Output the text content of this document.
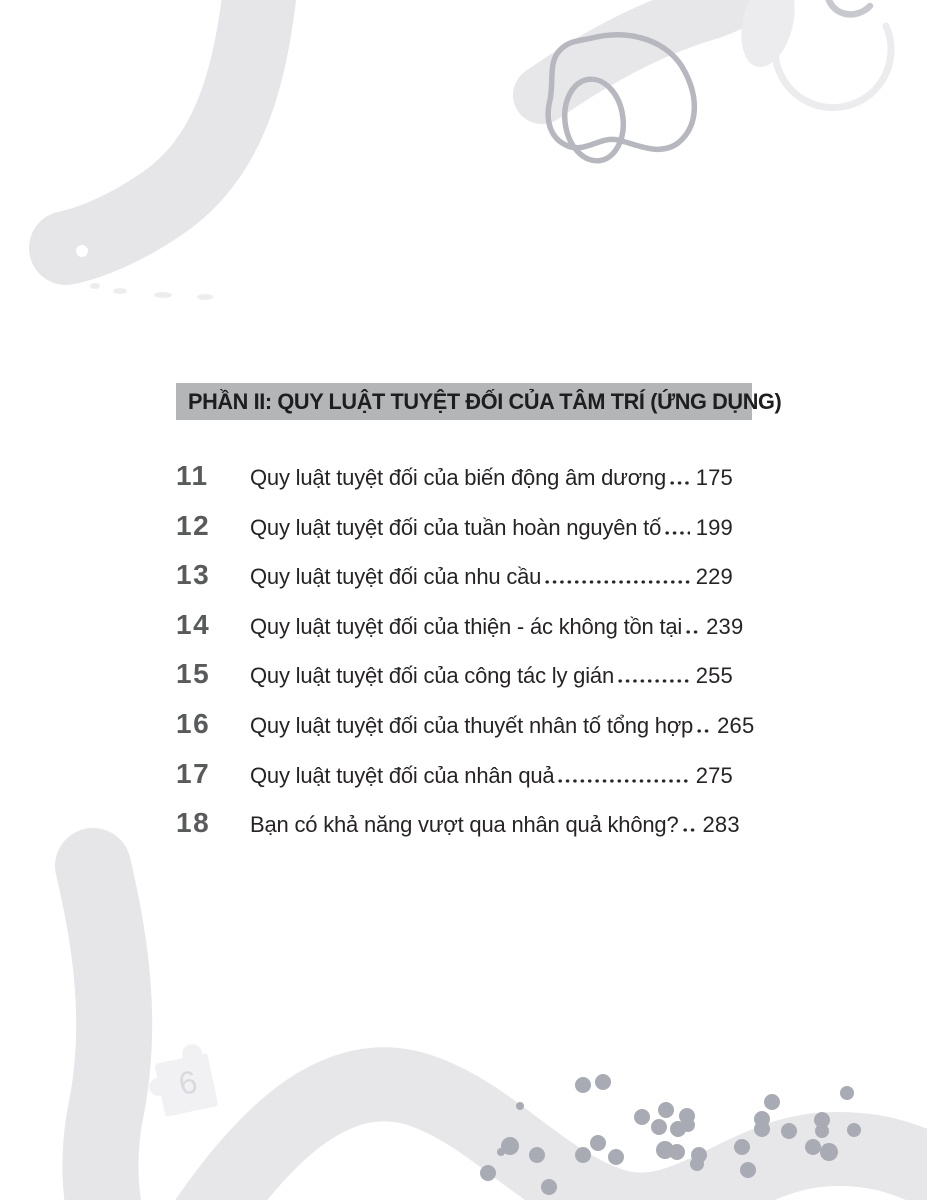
6
PHẦN II: QUY LUẬT TUYỆT ĐỐI CỦA TÂM TRÍ (ỨNG DỤNG)
11	Quy luật tuyệt đối của biến động âm dương 175
12	Quy luật tuyệt đối của tuần hoàn nguyên tố 199
13	Quy luật tuyệt đối của nhu cầu	229
14	Quy luật tuyệt đối của thiện - ác không tồn tại 239
15	Quy luật tuyệt đối của công tác ly gián	255
16	Quy luật tuyệt đối của thuyết nhân tố tổng hợp 265
17	Quy luật tuyệt đối của nhân quả	275
18	Bạn có khả năng vượt qua nhân quả không? 283
